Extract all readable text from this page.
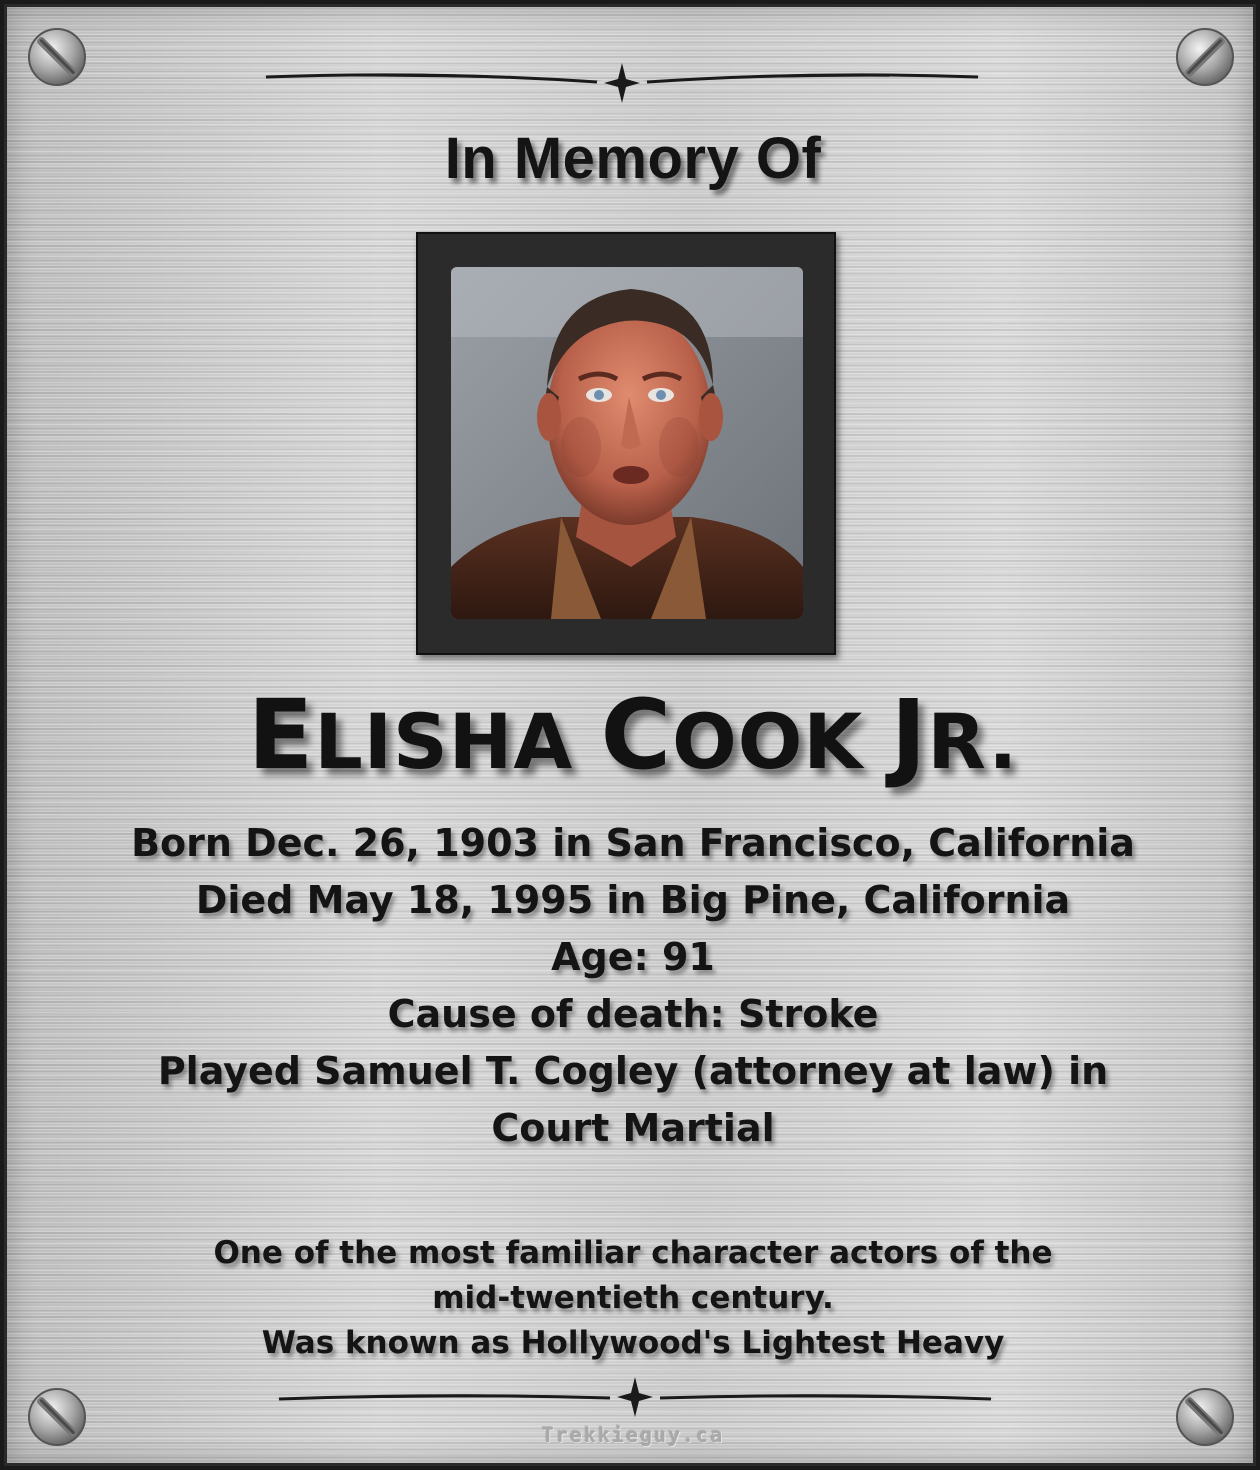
In Memory Of
ELISHA COOK JR.
Born Dec. 26, 1903 in San Francisco, California
Died May 18, 1995 in Big Pine, California
Age: 91
Cause of death: Stroke
Played Samuel T. Cogley (attorney at law) in
Court Martial
One of the most familiar character actors of the
mid-twentieth century.
Was known as Hollywood's Lightest Heavy
Trekkieguy.ca
